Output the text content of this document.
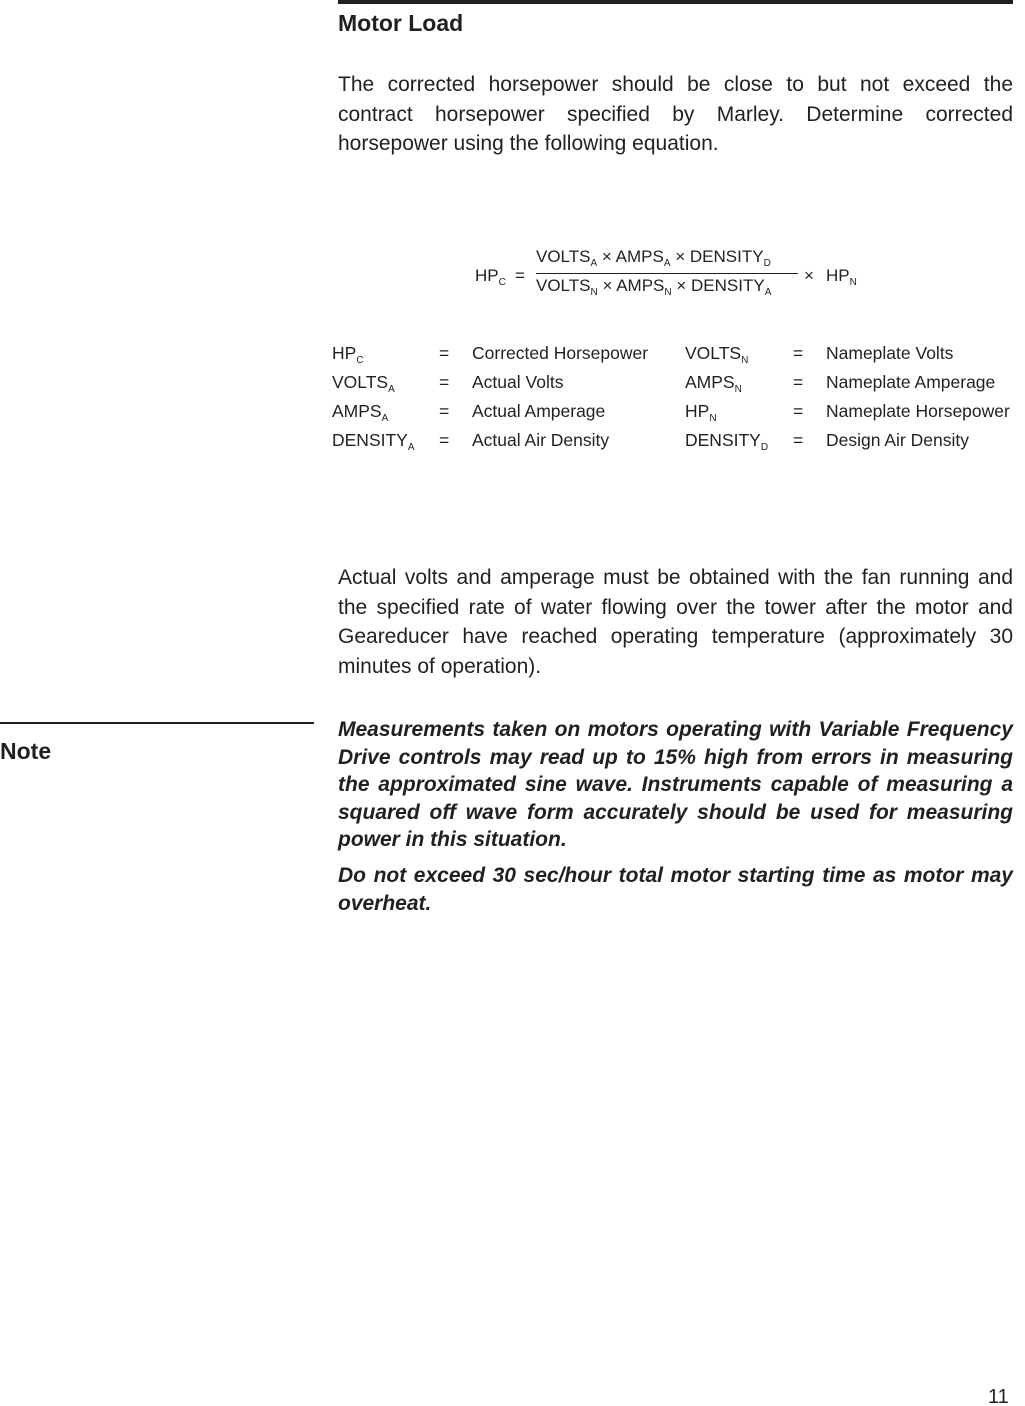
Motor Load

The corrected horsepower should be close to but not exceed the contract horsepower specified by Marley. Determine corrected horsepower using the following equation.

$HP_C$ =
$VOLTS_A$ × $AMPS_A$ × $DENSITY_D$
$VOLTS_N$ × $AMPS_N$ × $DENSITY_A$
× $HP_N$
$HP_C$	= Corrected Horsepower $VOLTS_N$	= Nameplate Volts
$VOLTS_A$	= Actual Volts	$AMPS_N$	= Nameplate Amperage
$AMPS_A$	= Actual Amperage	$HP_N$	= Nameplate Horsepower
$DENSITY_A$ = Actual Air Density	$DENSITY_D$ = Design Air Density

Actual volts and amperage must be obtained with the fan running and the specified rate of water flowing over the tower after the motor and Geareducer have reached operating temperature (approximately 30 minutes of operation).

Note

Measurements taken on motors operating with Variable Frequency Drive controls may read up to 15% high from errors in measuring the approximated sine wave. Instruments capable of measuring a squared off wave form accurately should be used for measuring power in this situation.

Do not exceed 30 sec/hour total motor starting time as motor may overheat.

11
